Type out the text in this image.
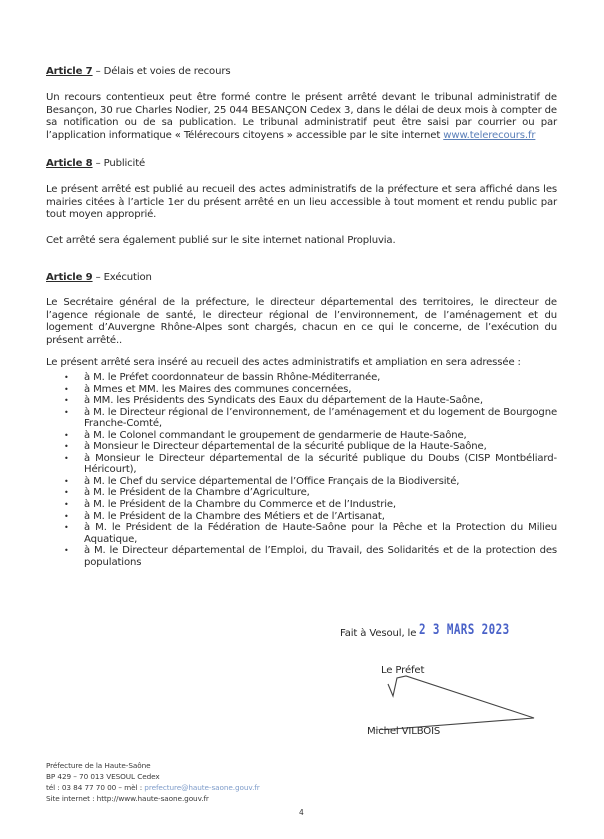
Article 7 – Délais et voies de recours
Un recours contentieux peut être formé contre le présent arrêté devant le tribunal administratif de Besançon, 30 rue Charles Nodier, 25 044 BESANÇON Cedex 3, dans le délai de deux mois à compter de sa notification ou de sa publication. Le tribunal administratif peut être saisi par courrier ou par l’application informatique « Télérecours citoyens » accessible par le site internet www.telerecours.fr
Article 8 – Publicité
Le présent arrêté est publié au recueil des actes administratifs de la préfecture et sera affiché dans les mairies citées à l’article 1er du présent arrêté en un lieu accessible à tout moment et rendu public par tout moyen approprié.
Cet arrêté sera également publié sur le site internet national Propluvia.
Article 9 – Exécution
Le Secrétaire général de la préfecture, le directeur départemental des territoires, le directeur de l’agence régionale de santé, le directeur régional de l’environnement, de l’aménagement et du logement d’Auvergne Rhône-Alpes sont chargés, chacun en ce qui le concerne, de l’exécution du présent arrêté..
Le présent arrêté sera inséré au recueil des actes administratifs et ampliation en sera adressée :
• à M. le Préfet coordonnateur de bassin Rhône-Méditerranée,
• à Mmes et MM. les Maires des communes concernées,
• à MM. les Présidents des Syndicats des Eaux du département de la Haute-Saône,
• à M. le Directeur régional de l’environnement, de l’aménagement et du logement de Bourgogne Franche-Comté,
• à M. le Colonel commandant le groupement de gendarmerie de Haute-Saône,
• à Monsieur le Directeur départemental de la sécurité publique de la Haute-Saône,
• à Monsieur le Directeur départemental de la sécurité publique du Doubs (CISP Montbéliard-Héricourt),
• à M. le Chef du service départemental de l’Office Français de la Biodiversité,
• à M. le Président de la Chambre d’Agriculture,
• à M. le Président de la Chambre du Commerce et de l’Industrie,
• à M. le Président de la Chambre des Métiers et de l’Artisanat,
• à M. le Président de la Fédération de Haute-Saône pour la Pêche et la Protection du Milieu Aquatique,
• à M. le Directeur départemental de l’Emploi, du Travail, des Solidarités et de la protection des populations
Fait à Vesoul, le 2 3 MARS 2023
Le Préfet
Michel VILBOIS
Préfecture de la Haute-Saône
BP 429 – 70 013 VESOUL Cedex
tél : 03 84 77 70 00 – mèl : prefecture@haute-saone.gouv.fr
Site internet : http://www.haute-saone.gouv.fr
4
